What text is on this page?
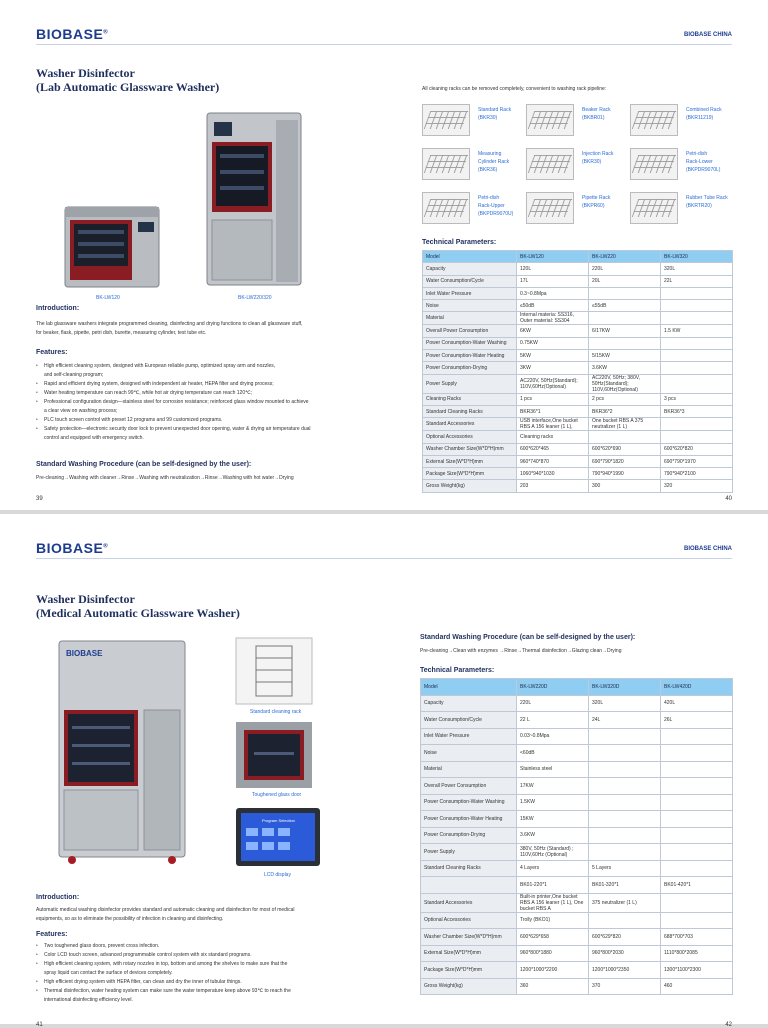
BIOBASE®	BIOBASE CHINA
Washer Disinfector
(Lab Automatic Glassware Washer)
BK-LW120	BK-LW220/320
All cleaning racks can be removed completely, convenient to washing rack pipeline:
Introduction:

The lab glassware washers integrate programmed cleaning, disinfecting and drying functions to clean all glassware stuff,

for beaker, flask, pipette, petri dish, burette, measuring cylinder, test tube etc.

Features:
• High efficient cleaning system, designed with European reliable pump, optimized spray arm and nozzles,
and self-cleaning program;
• Rapid and efficient drying system, designed with independent air heater, HEPA filter and drying process;
• Water heating temperature can reach 99℃, while hot air drying temperature can reach 120℃;
• Professional configuration design—stainless steel for corrosion resistance; reinforced glass window mounted to achieve
a clear view on washing process;
• PLC touch screen control with preset 12 programs and 99 customized programs.
• Safety protection—electronic security door lock to prevent unexpected door opening, water & drying air temperature dual
control and equipped with emergency switch.
Standard Washing Procedure (can be self-designed by the user):
Pre-cleaning→Washing with cleaner→Rinse→Washing with neutralization→Rinse→Washing with hot water→Drying
Technical Parameters:
Model	BK-LW120	BK-LW220	BK-LW320
Capacity	120L	220L	320L
Water Consumption/Cycle	17L	20L	22L
Inlet Water Pressure	0.3~0.8Mpa		
Noise	≤50dB	≤55dB	
Material	Internal materia: SS316, Outer material: SS304		
Overall Power Consumption	6KW	6/17KW	1.5 KW
Power Consumption-Water Washing	0.75KW		
Power Consumption-Water Heating	5KW	5/15KW	
Power Consumption-Drying	3KW	3.6KW	
Power Supply	AC220V, 50Hz(Standard); 110V,60Hz(Optional)	AC220V, 50Hz; 380V, 50Hz(Standard); 110V,60Hz(Optional)	
Cleaning Racks	1 pcs	2 pcs	3 pcs
Standard Cleaning Racks	BKR36*1	BKR36*2	BKR36*3
Standard Accessories	USB interface,One bucket RBS A 156 leaner (1 L),	One bucket RBS A 375 neutralizer (1 L)	
Optional Accessories	Cleaning racks		
Washer Chamber Size(W*D*H)mm	600*620*465	600*620*690	600*620*820
External Size(W*D*H)mm	960*740*870	690*790*1820	690*790*1970
Package Size(W*D*H)mm	1060*940*1030	790*940*1990	790*940*2100
Gross Weight(kg)	203	300	320
39	40
Standard Rack
(BKR30)
Beaker Rack
(BKBR01)
Combined Rack
(BKR11219)
Measuring
Cylinder Rack
(BKR36)
Injection Rack
(BKR30)
Petri-dish
Rack-Lower
(BKPDR9070L)
Petri-dish
Rack-Upper
(BKPDR9070U)
Pipette Rack
(BKPR60)
Rubber Tube Rack
(BKRTR20)
BIOBASE®	BIOBASE CHINA
Washer Disinfector
(Medical Automatic Glassware Washer)
BIOBASE
Standard cleaning rack
Toughened glass door
Program Selection
LCD display
Standard Washing Procedure (can be self-designed by the user):
Pre-cleaning→Clean with enzymes →Rinse→Thermal disinfection→Glazing clean→Drying
Technical Parameters:
Model	BK-LW220D	BK-LW320D	BK-LW420D
Capacity	220L	320L	420L
Water Consumption/Cycle	22 L	24L	26L
Inlet Water Pressure	0.03~0.8Mpa		
Noise	<60dB		
Material	Stainless steel		
Overall Power Consumption	17KW		
Power Consumption-Water Washing	1.5KW		
Power Consumption-Water Heating	15KW		
Power Consumption-Drying	3.6KW		
Power Supply	380V, 50Hz (Standard) ; 110V,60Hz (Optional)		
Standard Cleaning Racks	4 Layers	5 Layers	
	BK01-220*1	BK01-320*1	BK01-420*1
Standard Accessories	Built-in printer,One bucket RBS A 156 leaner (1 L), One bucket RBS A	375 neutralizer (1 L)	
Optional Accessories	Trolly (BKO1)		
Washer Chamber Size(W*D*H)mm	600*629*658	600*629*820	688*700*703
External Size(W*D*H)mm	960*800*1880	960*800*2030	1110*800*2085
Package Size(W*D*H)mm	1200*1000*2200	1200*1000*2350	1300*1100*2300
Gross Weight(kg)	360	370	460
Introduction:

Automatic medical washing disinfector provides standard and automatic cleaning and disinfection for most of medical

equipments, so as to eliminate the possibility of infection in cleaning and disinfecting.

Features:
• Two toughened glass doors, prevent cross infection.
• Color LCD touch screen, advanced programmable control system with six standard programs.
• High efficient cleaning system, with rotary nozzles in top, bottom and among the shelves to make sure that the
spray liquid can contact the surface of devices completely.
• High efficient drying system with HEPA filter, can clean and dry the inner of tubular things.
• Thermal disinfection, water heating system can make sure the water temperature keep above 93℃ to reach the
international disinfecting efficiency level.
41	42
